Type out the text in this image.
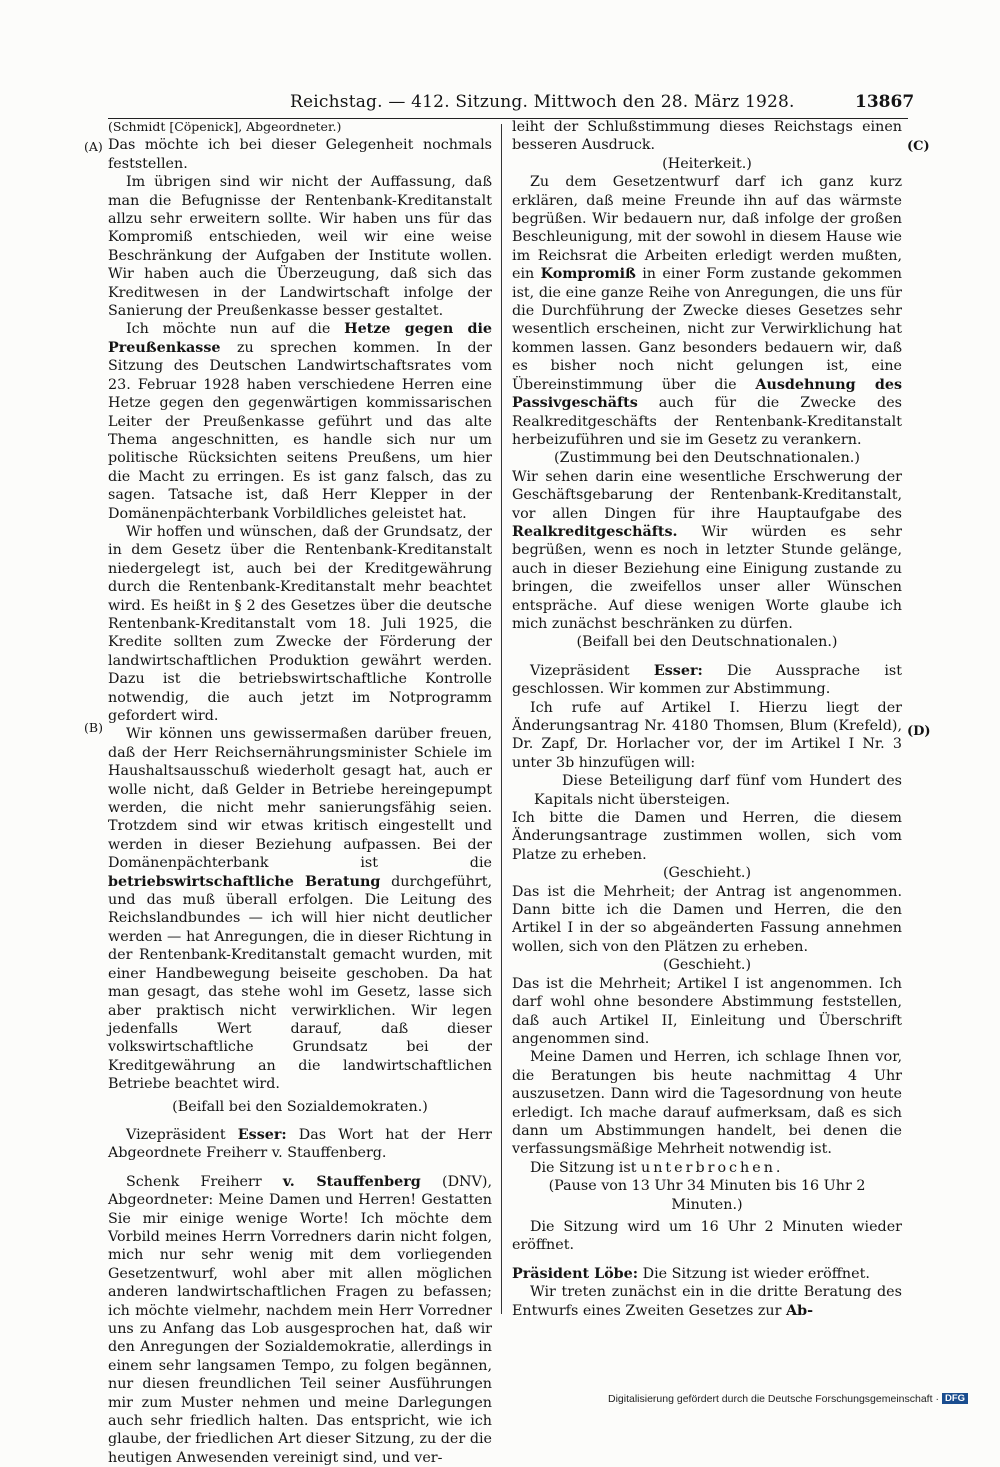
Reichstag. — 412. Sitzung. Mittwoch den 28. März 1928.	13867
(A)
(B)
(C)
(D)

(Schmidt [Cöpenick], Abgeordneter.)

Das möchte ich bei dieser Gelegenheit nochmals feststellen.

Im übrigen sind wir nicht der Auffassung, daß man die Befugnisse der Rentenbank-Kreditanstalt allzu sehr erweitern sollte. Wir haben uns für das Kompromiß entschieden, weil wir eine weise Beschränkung der Aufgaben der Institute wollen. Wir haben auch die Überzeugung, daß sich das Kreditwesen in der Landwirtschaft infolge der Sanierung der Preußenkasse besser gestaltet.

Ich möchte nun auf die Hetze gegen die Preußenkasse zu sprechen kommen. In der Sitzung des Deutschen Landwirtschaftsrates vom 23. Februar 1928 haben verschiedene Herren eine Hetze gegen den gegenwärtigen kommissarischen Leiter der Preußenkasse geführt und das alte Thema angeschnitten, es handle sich nur um politische Rücksichten seitens Preußens, um hier die Macht zu erringen. Es ist ganz falsch, das zu sagen. Tatsache ist, daß Herr Klepper in der Domänenpächterbank Vorbildliches geleistet hat.

Wir hoffen und wünschen, daß der Grundsatz, der in dem Gesetz über die Rentenbank-Kreditanstalt niedergelegt ist, auch bei der Kreditgewährung durch die Rentenbank-Kreditanstalt mehr beachtet wird. Es heißt in § 2 des Gesetzes über die deutsche Rentenbank-Kreditanstalt vom 18. Juli 1925, die Kredite sollten zum Zwecke der Förderung der landwirtschaftlichen Produktion gewährt werden. Dazu ist die betriebswirtschaftliche Kontrolle notwendig, die auch jetzt im Notprogramm gefordert wird.

Wir können uns gewissermaßen darüber freuen, daß der Herr Reichsernährungsminister Schiele im Haushaltsausschuß wiederholt gesagt hat, auch er wolle nicht, daß Gelder in Betriebe hereingepumpt werden, die nicht mehr sanierungsfähig seien. Trotzdem sind wir etwas kritisch eingestellt und werden in dieser Beziehung aufpassen. Bei der Domänenpächterbank ist die betriebswirtschaftliche Beratung durchgeführt, und das muß überall erfolgen. Die Leitung des Reichslandbundes — ich will hier nicht deutlicher werden — hat Anregungen, die in dieser Richtung in der Rentenbank-Kreditanstalt gemacht wurden, mit einer Handbewegung beiseite geschoben. Da hat man gesagt, das stehe wohl im Gesetz, lasse sich aber praktisch nicht verwirklichen. Wir legen jedenfalls Wert darauf, daß dieser volkswirtschaftliche Grundsatz bei der Kreditgewährung an die landwirtschaftlichen Betriebe beachtet wird.

(Beifall bei den Sozialdemokraten.)

Vizepräsident Esser: Das Wort hat der Herr Abgeordnete Freiherr v. Stauffenberg.

Schenk Freiherr v. Stauffenberg (DNV), Abgeordneter: Meine Damen und Herren! Gestatten Sie mir einige wenige Worte! Ich möchte dem Vorbild meines Herrn Vorredners darin nicht folgen, mich nur sehr wenig mit dem vorliegenden Gesetzentwurf, wohl aber mit allen möglichen anderen landwirtschaftlichen Fragen zu befassen; ich möchte vielmehr, nachdem mein Herr Vorredner uns zu Anfang das Lob ausgesprochen hat, daß wir den Anregungen der Sozialdemokratie, allerdings in einem sehr langsamen Tempo, zu folgen begännen, nur diesen freundlichen Teil seiner Ausführungen mir zum Muster nehmen und meine Darlegungen auch sehr friedlich halten. Das entspricht, wie ich glaube, der friedlichen Art dieser Sitzung, zu der die heutigen Anwesenden vereinigt sind, und ver-

leiht der Schlußstimmung dieses Reichstags einen besseren Ausdruck.

(Heiterkeit.)

Zu dem Gesetzentwurf darf ich ganz kurz erklären, daß meine Freunde ihn auf das wärmste begrüßen. Wir bedauern nur, daß infolge der großen Beschleunigung, mit der sowohl in diesem Hause wie im Reichsrat die Arbeiten erledigt werden mußten, ein Kompromiß in einer Form zustande gekommen ist, die eine ganze Reihe von Anregungen, die uns für die Durchführung der Zwecke dieses Gesetzes sehr wesentlich erscheinen, nicht zur Verwirklichung hat kommen lassen. Ganz besonders bedauern wir, daß es bisher noch nicht gelungen ist, eine Übereinstimmung über die Ausdehnung des Passivgeschäfts auch für die Zwecke des Realkreditgeschäfts der Rentenbank-Kreditanstalt herbeizuführen und sie im Gesetz zu verankern.

(Zustimmung bei den Deutschnationalen.)

Wir sehen darin eine wesentliche Erschwerung der Geschäftsgebarung der Rentenbank-Kreditanstalt, vor allen Dingen für ihre Hauptaufgabe des Realkreditgeschäfts. Wir würden es sehr begrüßen, wenn es noch in letzter Stunde gelänge, auch in dieser Beziehung eine Einigung zustande zu bringen, die zweifellos unser aller Wünschen entspräche. Auf diese wenigen Worte glaube ich mich zunächst beschränken zu dürfen.

(Beifall bei den Deutschnationalen.)

Vizepräsident Esser: Die Aussprache ist geschlossen. Wir kommen zur Abstimmung.

Ich rufe auf Artikel I. Hierzu liegt der Änderungsantrag Nr. 4180 Thomsen, Blum (Krefeld), Dr. Zapf, Dr. Horlacher vor, der im Artikel I Nr. 3 unter 3b hinzufügen will:

Diese Beteiligung darf fünf vom Hundert des Kapitals nicht übersteigen.

Ich bitte die Damen und Herren, die diesem Änderungsantrage zustimmen wollen, sich vom Platze zu erheben.

(Geschieht.)

Das ist die Mehrheit; der Antrag ist angenommen. Dann bitte ich die Damen und Herren, die den Artikel I in der so abgeänderten Fassung annehmen wollen, sich von den Plätzen zu erheben.

(Geschieht.)

Das ist die Mehrheit; Artikel I ist angenommen. Ich darf wohl ohne besondere Abstimmung feststellen, daß auch Artikel II, Einleitung und Überschrift angenommen sind.

Meine Damen und Herren, ich schlage Ihnen vor, die Beratungen bis heute nachmittag 4 Uhr auszusetzen. Dann wird die Tagesordnung von heute erledigt. Ich mache darauf aufmerksam, daß es sich dann um Abstimmungen handelt, bei denen die verfassungsmäßige Mehrheit notwendig ist.

Die Sitzung ist unterbrochen.

(Pause von 13 Uhr 34 Minuten bis 16 Uhr 2 Minuten.)

Die Sitzung wird um 16 Uhr 2 Minuten wieder eröffnet.

Präsident Löbe: Die Sitzung ist wieder eröffnet.

Wir treten zunächst ein in die dritte Beratung des Entwurfs eines Zweiten Gesetzes zur Ab-

Digitalisierung gefördert durch die Deutsche Forschungsgemeinschaft · DFG
